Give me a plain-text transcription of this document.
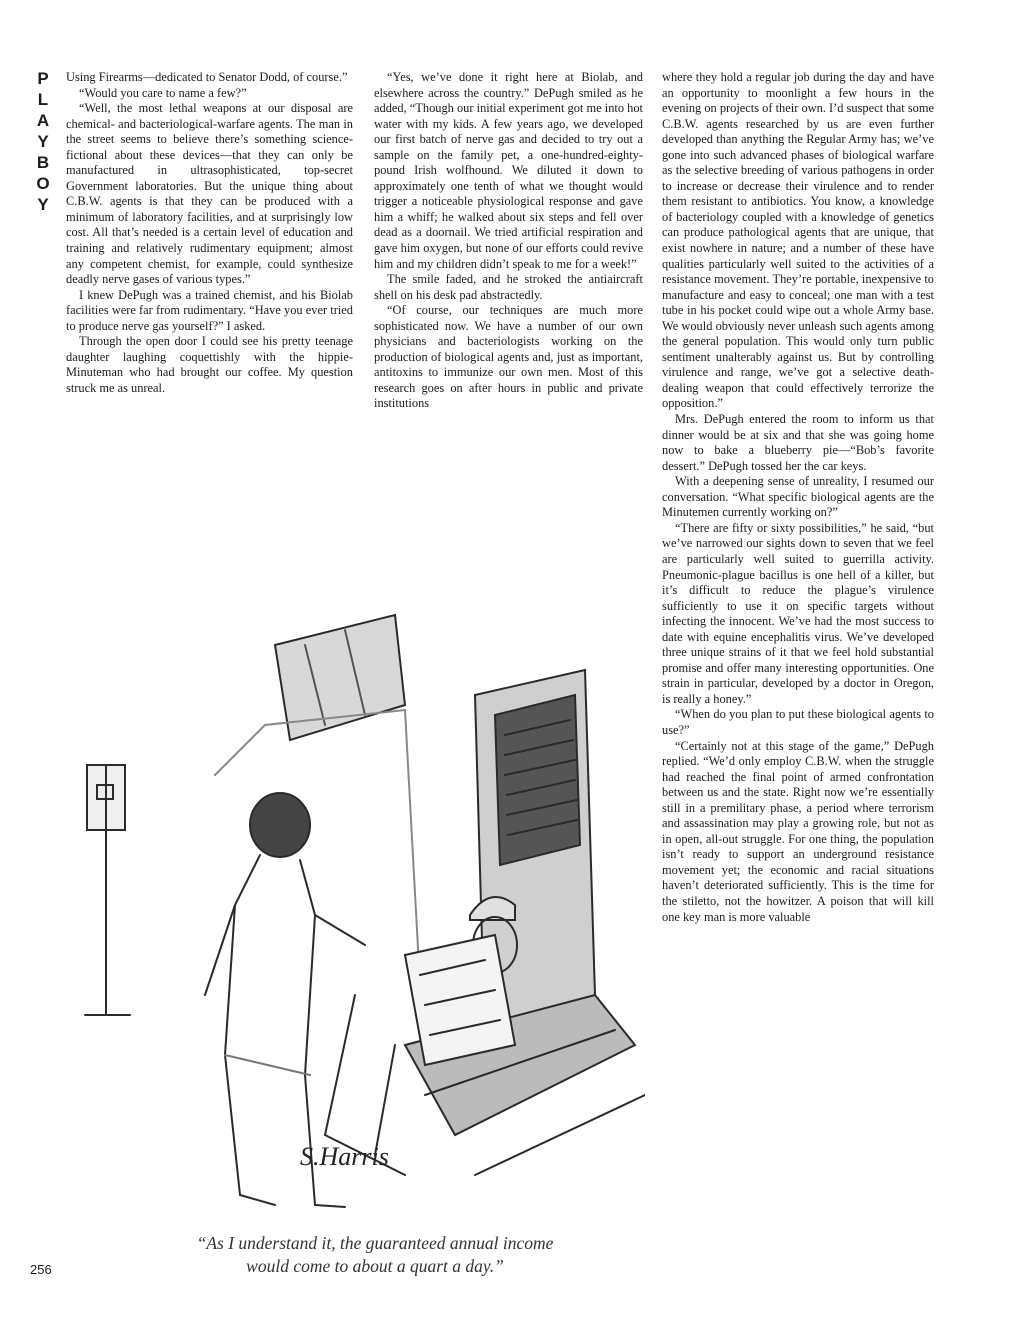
P
L
A
Y
B
O
Y

Using Firearms—dedicated to Senator Dodd, of course.”

“Would you care to name a few?”

“Well, the most lethal weapons at our disposal are chemical- and bacteriological-warfare agents. The man in the street seems to believe there’s something science-fictional about these devices—that they can only be manufactured in ultrasophisticated, top-secret Government laboratories. But the unique thing about C.B.W. agents is that they can be produced with a minimum of laboratory facilities, and at surprisingly low cost. All that’s needed is a certain level of education and training and relatively rudimentary equipment; almost any competent chemist, for example, could synthesize deadly nerve gases of various types.”

I knew DePugh was a trained chemist, and his Biolab facilities were far from rudimentary. “Have you ever tried to produce nerve gas yourself?” I asked.

Through the open door I could see his pretty teenage daughter laughing coquettishly with the hippie-Minuteman who had brought our coffee. My question struck me as unreal.

“Yes, we’ve done it right here at Biolab, and elsewhere across the country.” DePugh smiled as he added, “Though our initial experiment got me into hot water with my kids. A few years ago, we developed our first batch of nerve gas and decided to try out a sample on the family pet, a one-hundred-eighty-pound Irish wolfhound. We diluted it down to approximately one tenth of what we thought would trigger a noticeable physiological response and gave him a whiff; he walked about six steps and fell over dead as a doornail. We tried artificial respiration and gave him oxygen, but none of our efforts could revive him and my children didn’t speak to me for a week!”

The smile faded, and he stroked the antiaircraft shell on his desk pad abstractedly.

“Of course, our techniques are much more sophisticated now. We have a number of our own physicians and bacteriologists working on the production of biological agents and, just as important, antitoxins to immunize our own men. Most of this research goes on after hours in public and private institutions

where they hold a regular job during the day and have an opportunity to moonlight a few hours in the evening on projects of their own. I’d suspect that some C.B.W. agents researched by us are even further developed than anything the Regular Army has; we’ve gone into such advanced phases of biological warfare as the selective breeding of various pathogens in order to increase or decrease their virulence and to render them resistant to antibiotics. You know, a knowledge of bacteriology coupled with a knowledge of genetics can produce pathological agents that are unique, that exist nowhere in nature; and a number of these have qualities particularly well suited to the activities of a resistance movement. They’re portable, inexpensive to manufacture and easy to conceal; one man with a test tube in his pocket could wipe out a whole Army base. We would obviously never unleash such agents among the general population. This would only turn public sentiment unalterably against us. But by controlling virulence and range, we’ve got a selective death-dealing weapon that could effectively terrorize the opposition.”

Mrs. DePugh entered the room to inform us that dinner would be at six and that she was going home now to bake a blueberry pie—“Bob’s favorite dessert.” DePugh tossed her the car keys.

With a deepening sense of unreality, I resumed our conversation. “What specific biological agents are the Minutemen currently working on?”

“There are fifty or sixty possibilities,” he said, “but we’ve narrowed our sights down to seven that we feel are particularly well suited to guerrilla activity. Pneumonic-plague bacillus is one hell of a killer, but it’s difficult to reduce the plague’s virulence sufficiently to use it on specific targets without infecting the innocent. We’ve had the most success to date with equine encephalitis virus. We’ve developed three unique strains of it that we feel hold substantial promise and offer many interesting opportunities. One strain in particular, developed by a doctor in Oregon, is really a honey.”

“When do you plan to put these biological agents to use?”

“Certainly not at this stage of the game,” DePugh replied. “We’d only employ C.B.W. when the struggle had reached the final point of armed confrontation between us and the state. Right now we’re essentially still in a premilitary phase, a period where terrorism and assassination may play a growing role, but not as in open, all-out struggle. For one thing, the population isn’t ready to support an underground resistance movement yet; the economic and racial situations haven’t deteriorated sufficiently. This is the time for the stiletto, not the howitzer. A poison that will kill one key man is more valuable

S.Harris
“As I understand it, the guaranteed annual income
would come to about a quart a day.”
256
